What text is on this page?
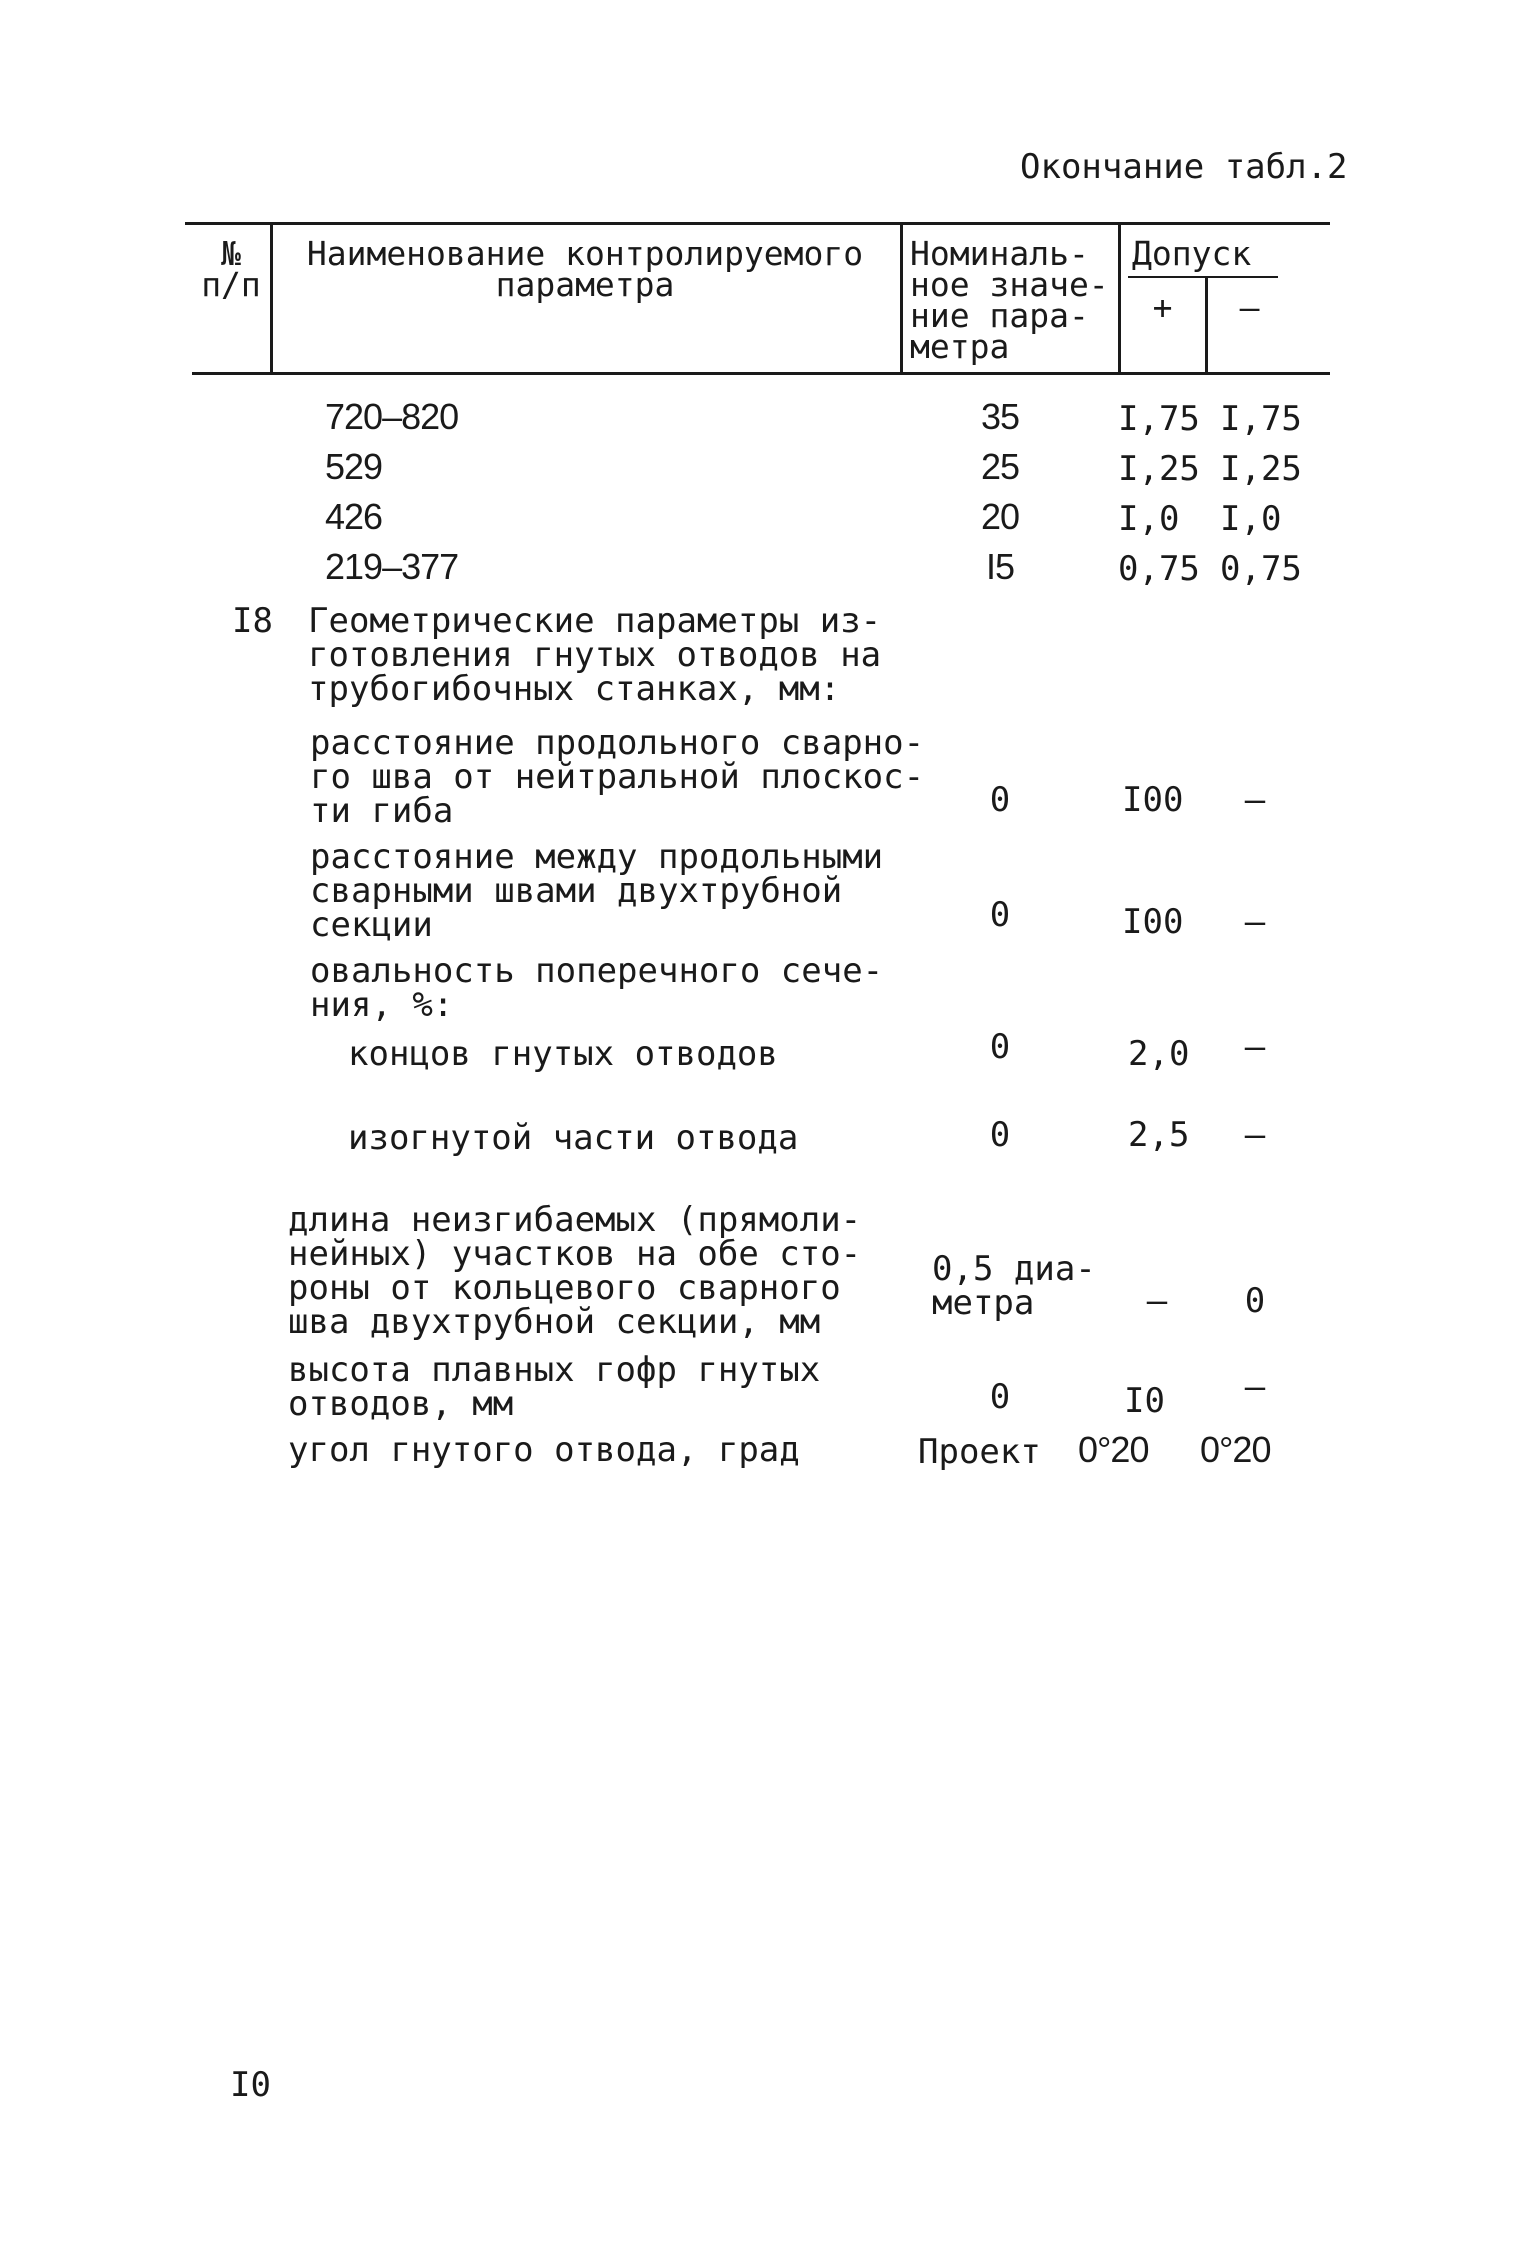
Окончание табл.2
№
п/п
Наименование контролируемого
параметра
Номиналь-
ное значе-
ние пара-
метра
Допуск
+	–
720–820	35	I,75 I,75
529	25	I,25 I,25
426	20	I,0 I,0
219–377	I5	0,75 0,75
I8 Геометрические параметры из-
готовления гнутых отводов на
трубогибочных станках, мм:
расстояние продольного сварно-
го шва от нейтральной плоскос-
ти гиба	0	I00	–
расстояние между продольными
сварными швами двухтрубной
секции	0	I00	–
овальность поперечного сече-
ния, %:
концов гнутых отводов	0	2,0	–
изогнутой части отвода	0	2,5	–
длина неизгибаемых (прямоли-
нейных) участков на обе сто-
роны от кольцевого сварного
шва двухтрубной секции, мм
0,5 диа-
метра	–	0
высота плавных гофр гнутых
отводов, мм	0	I0	–
угол гнутого отвода, град	Проект 0°20 0°20
I0
